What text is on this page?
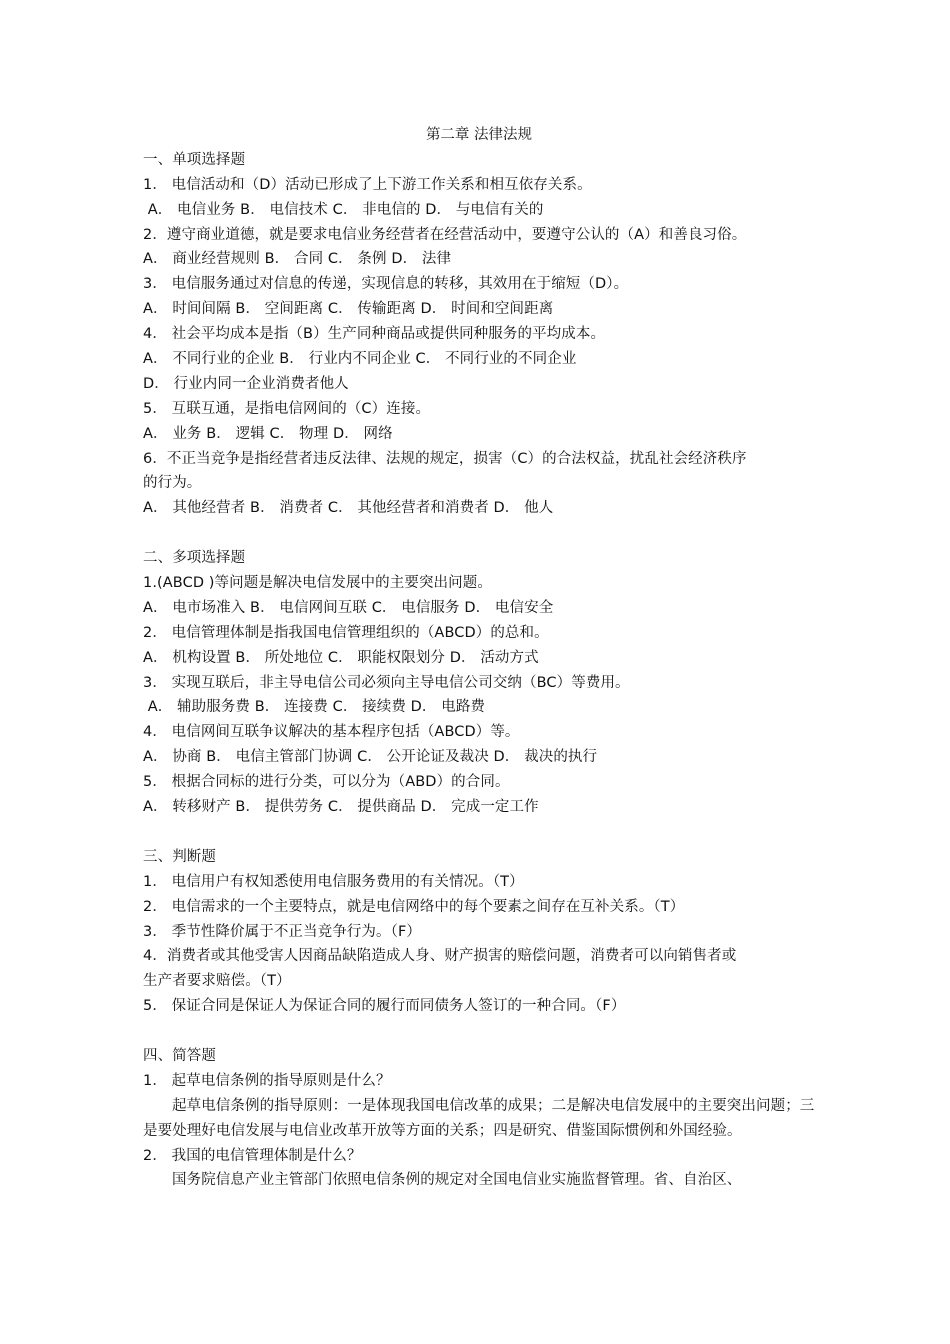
第二章 法律法规
一、单项选择题
1． 电信活动和（D）活动已形成了上下游工作关系和相互依存关系。
A． 电信业务 B． 电信技术 C． 非电信的 D． 与电信有关的
2．遵守商业道德，就是要求电信业务经营者在经营活动中，要遵守公认的（A）和善良习俗。
A． 商业经营规则 B． 合同 C． 条例 D． 法律
3． 电信服务通过对信息的传递，实现信息的转移，其效用在于缩短（D）。
A． 时间间隔 B． 空间距离 C． 传输距离 D． 时间和空间距离
4． 社会平均成本是指（B）生产同种商品或提供同种服务的平均成本。
A． 不同行业的企业 B． 行业内不同企业 C． 不同行业的不同企业
D． 行业内同一企业消费者他人
5． 互联互通，是指电信网间的（C）连接。
A． 业务 B． 逻辑 C． 物理 D． 网络
6．不正当竞争是指经营者违反法律、法规的规定，损害（C）的合法权益，扰乱社会经济秩序
的行为。
A． 其他经营者 B． 消费者 C． 其他经营者和消费者 D． 他人
二、多项选择题
1.(ABCD )等问题是解决电信发展中的主要突出问题。
A． 电市场准入 B． 电信网间互联 C． 电信服务 D． 电信安全
2． 电信管理体制是指我国电信管理组织的（ABCD）的总和。
A． 机构设置 B． 所处地位 C． 职能权限划分 D． 活动方式
3． 实现互联后，非主导电信公司必须向主导电信公司交纳（BC）等费用。
A． 辅助服务费 B． 连接费 C． 接续费 D． 电路费
4． 电信网间互联争议解决的基本程序包括（ABCD）等。
A． 协商 B． 电信主管部门协调 C． 公开论证及裁决 D． 裁决的执行
5． 根据合同标的进行分类，可以分为（ABD）的合同。
A． 转移财产 B． 提供劳务 C． 提供商品 D． 完成一定工作
三、判断题
1． 电信用户有权知悉使用电信服务费用的有关情况。（T）
2． 电信需求的一个主要特点，就是电信网络中的每个要素之间存在互补关系。（T）
3． 季节性降价属于不正当竞争行为。（F）
4．消费者或其他受害人因商品缺陷造成人身、财产损害的赔偿问题，消费者可以向销售者或
生产者要求赔偿。（T）
5． 保证合同是保证人为保证合同的履行而同债务人签订的一种合同。（F）
四、简答题
1． 起草电信条例的指导原则是什么？
起草电信条例的指导原则：一是体现我国电信改革的成果；二是解决电信发展中的主要突出问题；三是要处理好电信发展与电信业改革开放等方面的关系；四是研究、借鉴国际惯例和外国经验。
2． 我国的电信管理体制是什么？
国务院信息产业主管部门依照电信条例的规定对全国电信业实施监督管理。省、自治区、
